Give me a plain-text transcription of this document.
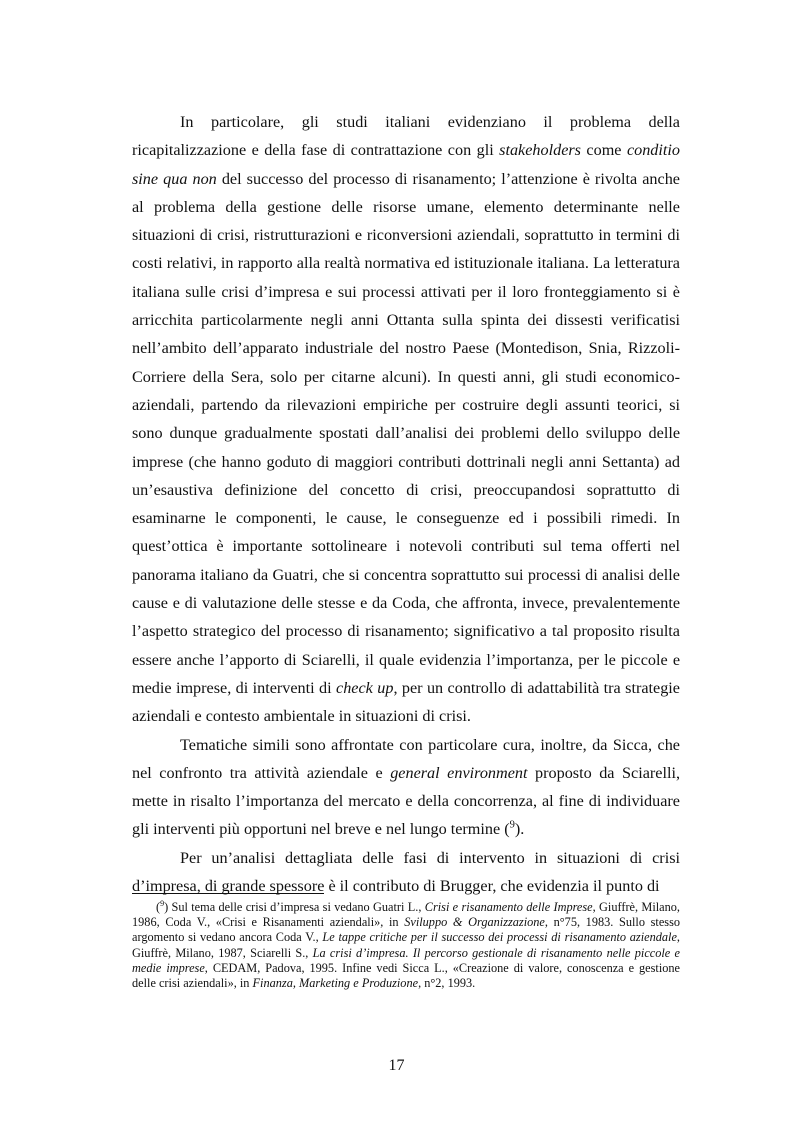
In particolare, gli studi italiani evidenziano il problema della ricapitalizzazione e della fase di contrattazione con gli stakeholders come conditio sine qua non del successo del processo di risanamento; l’attenzione è rivolta anche al problema della gestione delle risorse umane, elemento determinante nelle situazioni di crisi, ristrutturazioni e riconversioni aziendali, soprattutto in termini di costi relativi, in rapporto alla realtà normativa ed istituzionale italiana. La letteratura italiana sulle crisi d’impresa e sui processi attivati per il loro fronteggiamento si è arricchita particolarmente negli anni Ottanta sulla spinta dei dissesti verificatisi nell’ambito dell’apparato industriale del nostro Paese (Montedison, Snia, Rizzoli-Corriere della Sera, solo per citarne alcuni). In questi anni, gli studi economico-aziendali, partendo da rilevazioni empiriche per costruire degli assunti teorici, si sono dunque gradualmente spostati dall’analisi dei problemi dello sviluppo delle imprese (che hanno goduto di maggiori contributi dottrinali negli anni Settanta) ad un’esaustiva definizione del concetto di crisi, preoccupandosi soprattutto di esaminarne le componenti, le cause, le conseguenze ed i possibili rimedi. In quest’ottica è importante sottolineare i notevoli contributi sul tema offerti nel panorama italiano da Guatri, che si concentra soprattutto sui processi di analisi delle cause e di valutazione delle stesse e da Coda, che affronta, invece, prevalentemente l’aspetto strategico del processo di risanamento; significativo a tal proposito risulta essere anche l’apporto di Sciarelli, il quale evidenzia l’importanza, per le piccole e medie imprese, di interventi di check up, per un controllo di adattabilità tra strategie aziendali e contesto ambientale in situazioni di crisi.

Tematiche simili sono affrontate con particolare cura, inoltre, da Sicca, che nel confronto tra attività aziendale e general environment proposto da Sciarelli, mette in risalto l’importanza del mercato e della concorrenza, al fine di individuare gli interventi più opportuni nel breve e nel lungo termine ($^9$).

Per un’analisi dettagliata delle fasi di intervento in situazioni di crisi d’impresa, di grande spessore è il contributo di Brugger, che evidenzia il punto di

($^9$) Sul tema delle crisi d’impresa si vedano Guatri L., Crisi e risanamento delle Imprese, Giuffrè, Milano, 1986, Coda V., «Crisi e Risanamenti aziendali», in Sviluppo & Organizzazione, n°75, 1983. Sullo stesso argomento si vedano ancora Coda V., Le tappe critiche per il successo dei processi di risanamento aziendale, Giuffrè, Milano, 1987, Sciarelli S., La crisi d’impresa. Il percorso gestionale di risanamento nelle piccole e medie imprese, CEDAM, Padova, 1995. Infine vedi Sicca L., «Creazione di valore, conoscenza e gestione delle crisi aziendali», in Finanza, Marketing e Produzione, n°2, 1993.

17
